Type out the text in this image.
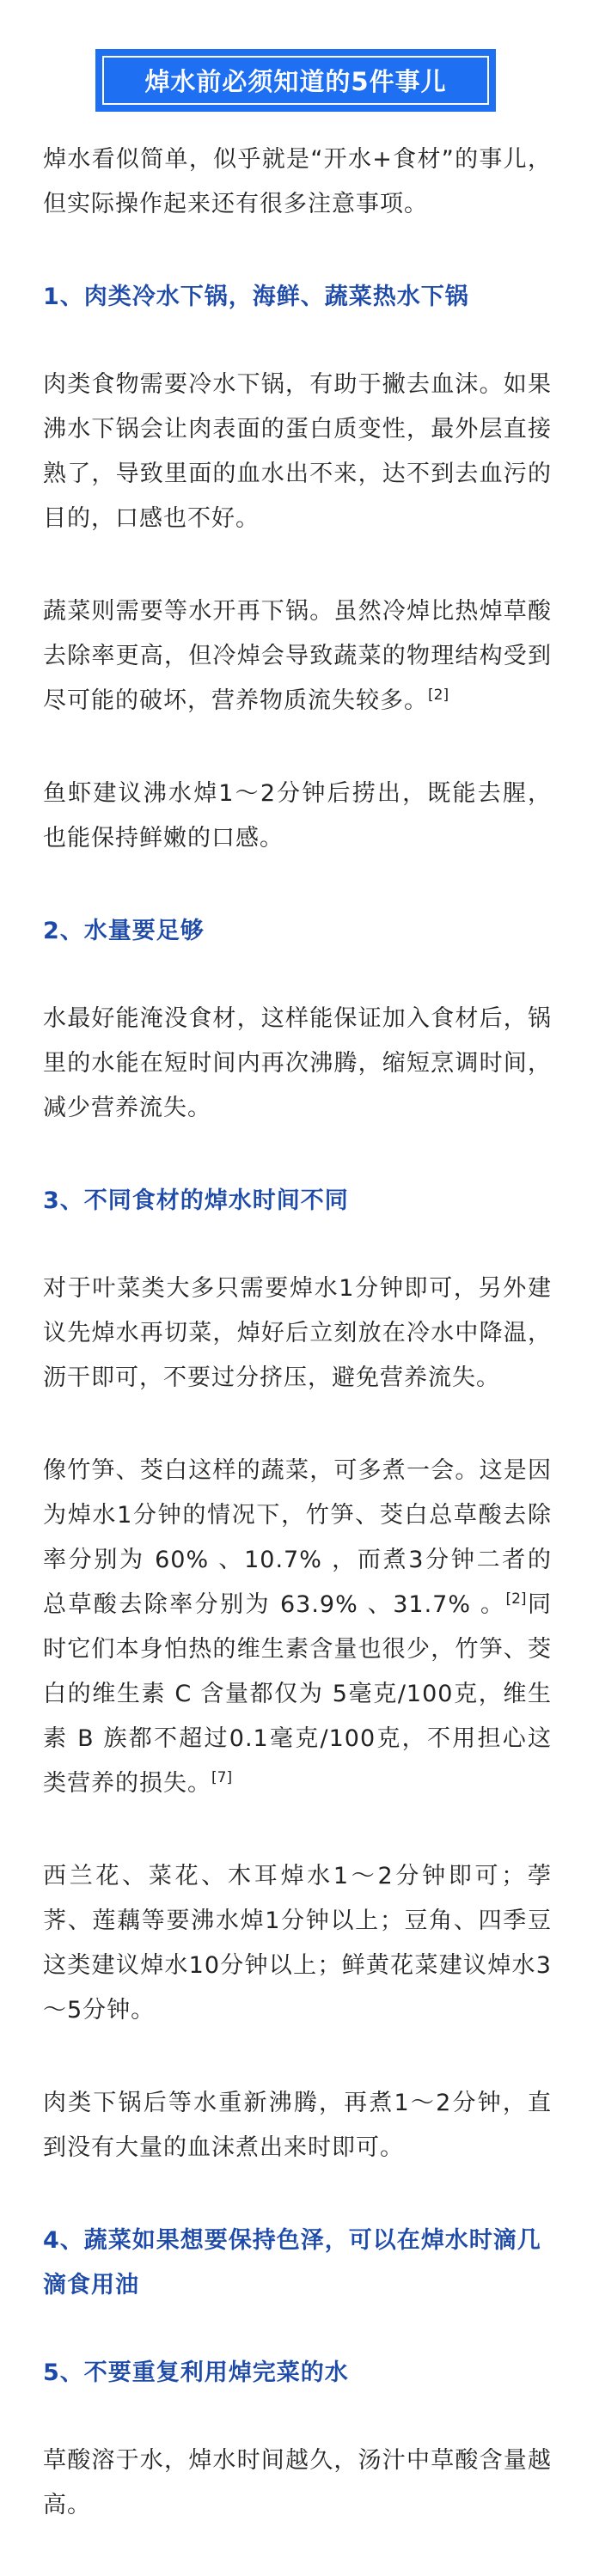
焯水前必须知道的5件事儿

焯水看似简单，似乎就是“开水+食材”的事儿，但实际操作起来还有很多注意事项。

1、肉类冷水下锅，海鲜、蔬菜热水下锅

肉类食物需要冷水下锅，有助于撇去血沫。如果沸水下锅会让肉表面的蛋白质变性，最外层直接熟了，导致里面的血水出不来，达不到去血污的目的，口感也不好。

蔬菜则需要等水开再下锅。虽然冷焯比热焯草酸去除率更高，但冷焯会导致蔬菜的物理结构受到尽可能的破坏，营养物质流失较多。[2]

鱼虾建议沸水焯1～2分钟后捞出，既能去腥，也能保持鲜嫩的口感。

2、水量要足够

水最好能淹没食材，这样能保证加入食材后，锅里的水能在短时间内再次沸腾，缩短烹调时间，减少营养流失。

3、不同食材的焯水时间不同

对于叶菜类大多只需要焯水1分钟即可，另外建议先焯水再切菜，焯好后立刻放在冷水中降温，沥干即可，不要过分挤压，避免营养流失。

像竹笋、茭白这样的蔬菜，可多煮一会。这是因为焯水1分钟的情况下，竹笋、茭白总草酸去除率分别为 60% 、10.7% ，而煮3分钟二者的总草酸去除率分别为 63.9% 、31.7% 。[2]同时它们本身怕热的维生素含量也很少，竹笋、茭白的维生素 C 含量都仅为 5毫克/100克，维生素 B 族都不超过0.1毫克/100克，不用担心这类营养的损失。[7]

西兰花、菜花、木耳焯水1～2分钟即可；荸荠、莲藕等要沸水焯1分钟以上；豆角、四季豆这类建议焯水10分钟以上；鲜黄花菜建议焯水3～5分钟。

肉类下锅后等水重新沸腾，再煮1～2分钟，直到没有大量的血沫煮出来时即可。

4、蔬菜如果想要保持色泽，可以在焯水时滴几滴食用油
5、不要重复利用焯完菜的水

草酸溶于水，焯水时间越久，汤汁中草酸含量越高。
